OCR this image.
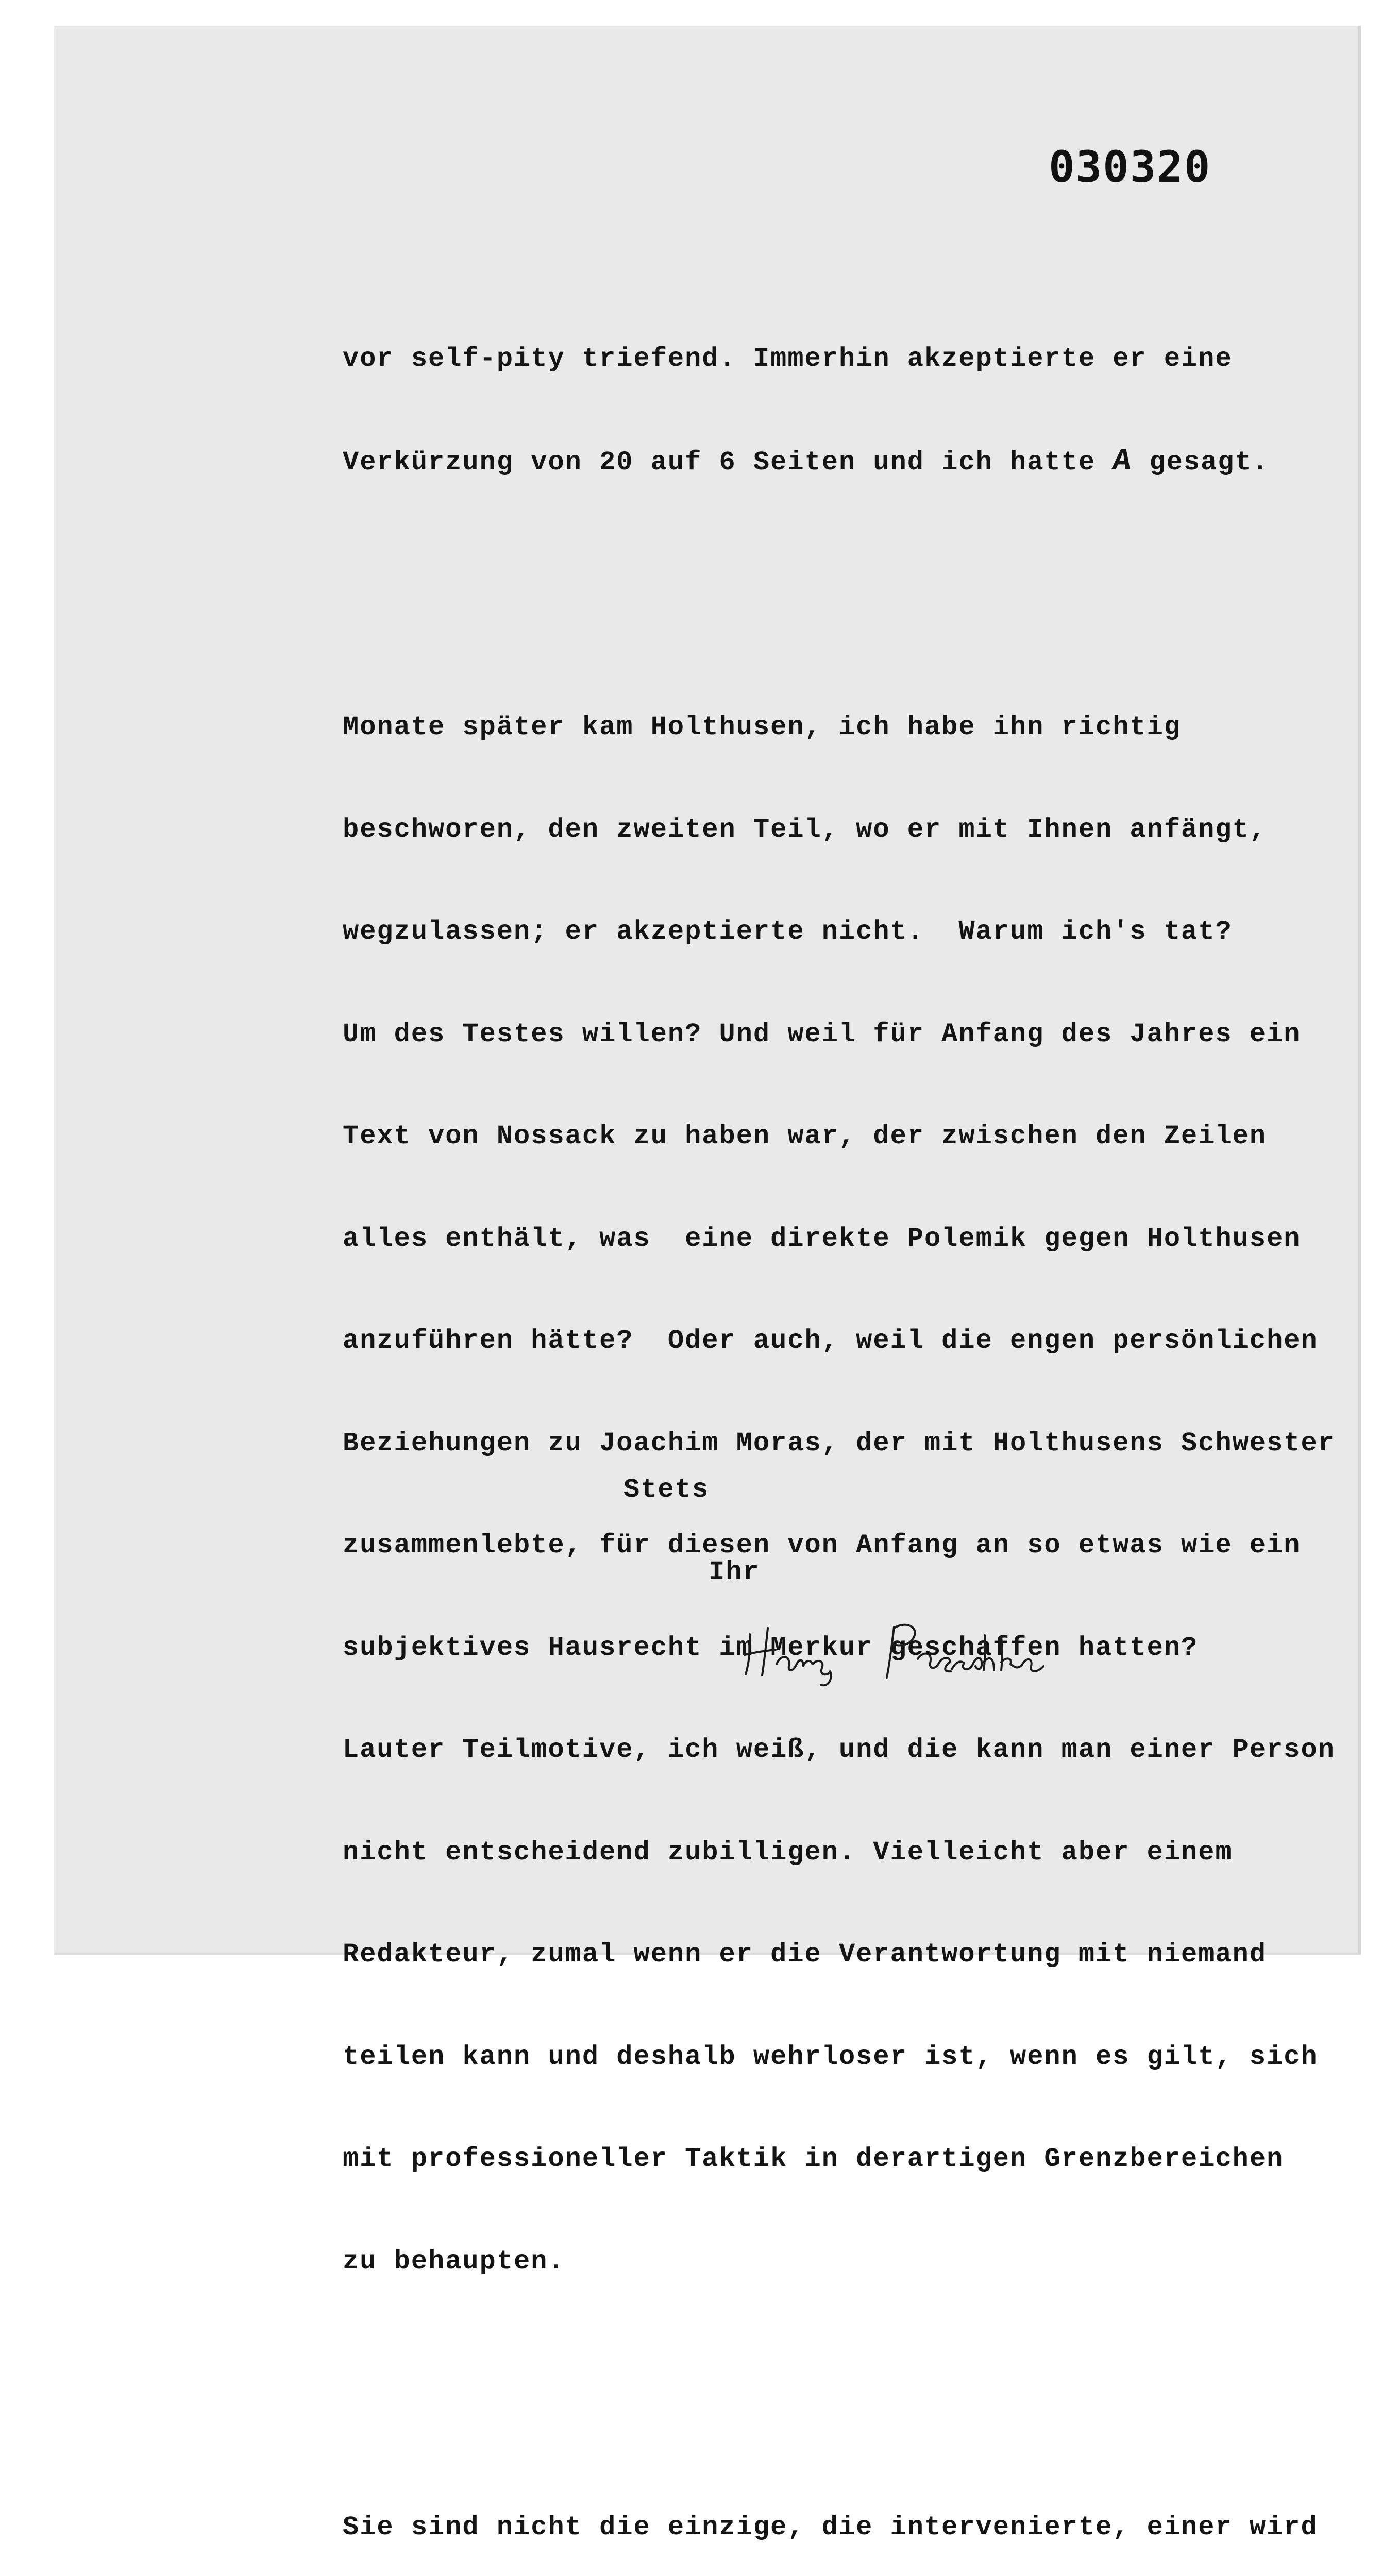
030320

vor self-pity triefend. Immerhin akzeptierte er eine

Verkürzung von 20 auf 6 Seiten und ich hatte A gesagt.

Monate später kam Holthusen, ich habe ihn richtig

beschworen, den zweiten Teil, wo er mit Ihnen anfängt,

wegzulassen; er akzeptierte nicht.  Warum ich's tat?

Um des Testes willen? Und weil für Anfang des Jahres ein

Text von Nossack zu haben war, der zwischen den Zeilen

alles enthält, was  eine direkte Polemik gegen Holthusen

anzuführen hätte?  Oder auch, weil die engen persönlichen

Beziehungen zu Joachim Moras, der mit Holthusens Schwester

zusammenlebte, für diesen von Anfang an so etwas wie ein

subjektives Hausrecht im Merkur geschaffen hatten?

Lauter Teilmotive, ich weiß, und die kann man einer Person

nicht entscheidend zubilligen. Vielleicht aber einem

Redakteur, zumal wenn er die Verantwortung mit niemand

teilen kann und deshalb wehrloser ist, wenn es gilt, sich

mit professioneller Taktik in derartigen Grenzbereichen

zu behaupten.

Sie sind nicht die einzige, die intervenierte, einer wird

Stets

Ihr
